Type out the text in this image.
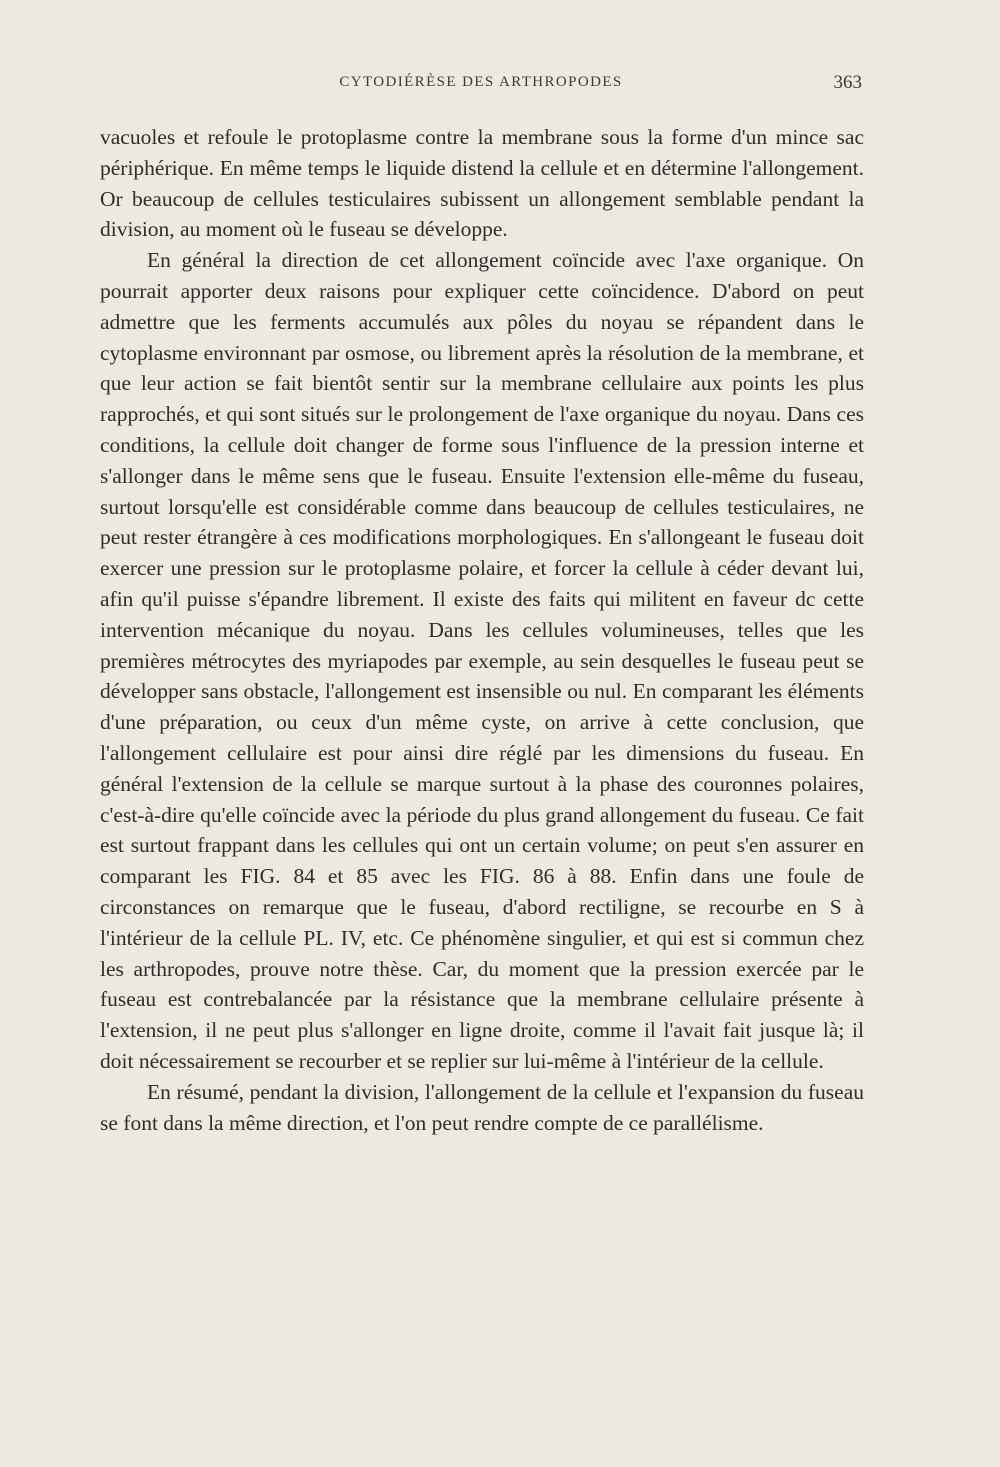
CYTODIÉRÈSE DES ARTHROPODES	363

vacuoles et refoule le protoplasme contre la membrane sous la forme d'un mince sac périphérique. En même temps le liquide distend la cellule et en détermine l'allongement. Or beaucoup de cellules testiculaires subissent un allongement semblable pendant la division, au moment où le fuseau se développe.

En général la direction de cet allongement coïncide avec l'axe organique. On pourrait apporter deux raisons pour expliquer cette coïncidence. D'abord on peut admettre que les ferments accumulés aux pôles du noyau se répandent dans le cytoplasme environnant par osmose, ou librement après la résolution de la membrane, et que leur action se fait bientôt sentir sur la membrane cellulaire aux points les plus rapprochés, et qui sont situés sur le prolongement de l'axe organique du noyau. Dans ces conditions, la cellule doit changer de forme sous l'influence de la pression interne et s'allonger dans le même sens que le fuseau. Ensuite l'extension elle-même du fuseau, surtout lorsqu'elle est considérable comme dans beaucoup de cellules testiculaires, ne peut rester étrangère à ces modifications morphologiques. En s'allongeant le fuseau doit exercer une pression sur le protoplasme polaire, et forcer la cellule à céder devant lui, afin qu'il puisse s'épandre librement. Il existe des faits qui militent en faveur dc cette intervention mécanique du noyau. Dans les cellules volumineuses, telles que les premières métrocytes des myriapodes par exemple, au sein desquelles le fuseau peut se développer sans obstacle, l'allongement est insensible ou nul. En comparant les éléments d'une préparation, ou ceux d'un même cyste, on arrive à cette conclusion, que l'allongement cellulaire est pour ainsi dire réglé par les dimensions du fuseau. En général l'extension de la cellule se marque surtout à la phase des couronnes polaires, c'est-à-dire qu'elle coïncide avec la période du plus grand allongement du fuseau. Ce fait est surtout frappant dans les cellules qui ont un certain volume; on peut s'en assurer en comparant les FIG. 84 et 85 avec les FIG. 86 à 88. Enfin dans une foule de circonstances on remarque que le fuseau, d'abord rectiligne, se recourbe en S à l'intérieur de la cellule PL. IV, etc. Ce phénomène singulier, et qui est si commun chez les arthropodes, prouve notre thèse. Car, du moment que la pression exercée par le fuseau est contrebalancée par la résistance que la membrane cellulaire présente à l'extension, il ne peut plus s'allonger en ligne droite, comme il l'avait fait jusque là; il doit nécessairement se recourber et se replier sur lui-même à l'intérieur de la cellule.

En résumé, pendant la division, l'allongement de la cellule et l'expansion du fuseau se font dans la même direction, et l'on peut rendre compte de ce parallélisme.
